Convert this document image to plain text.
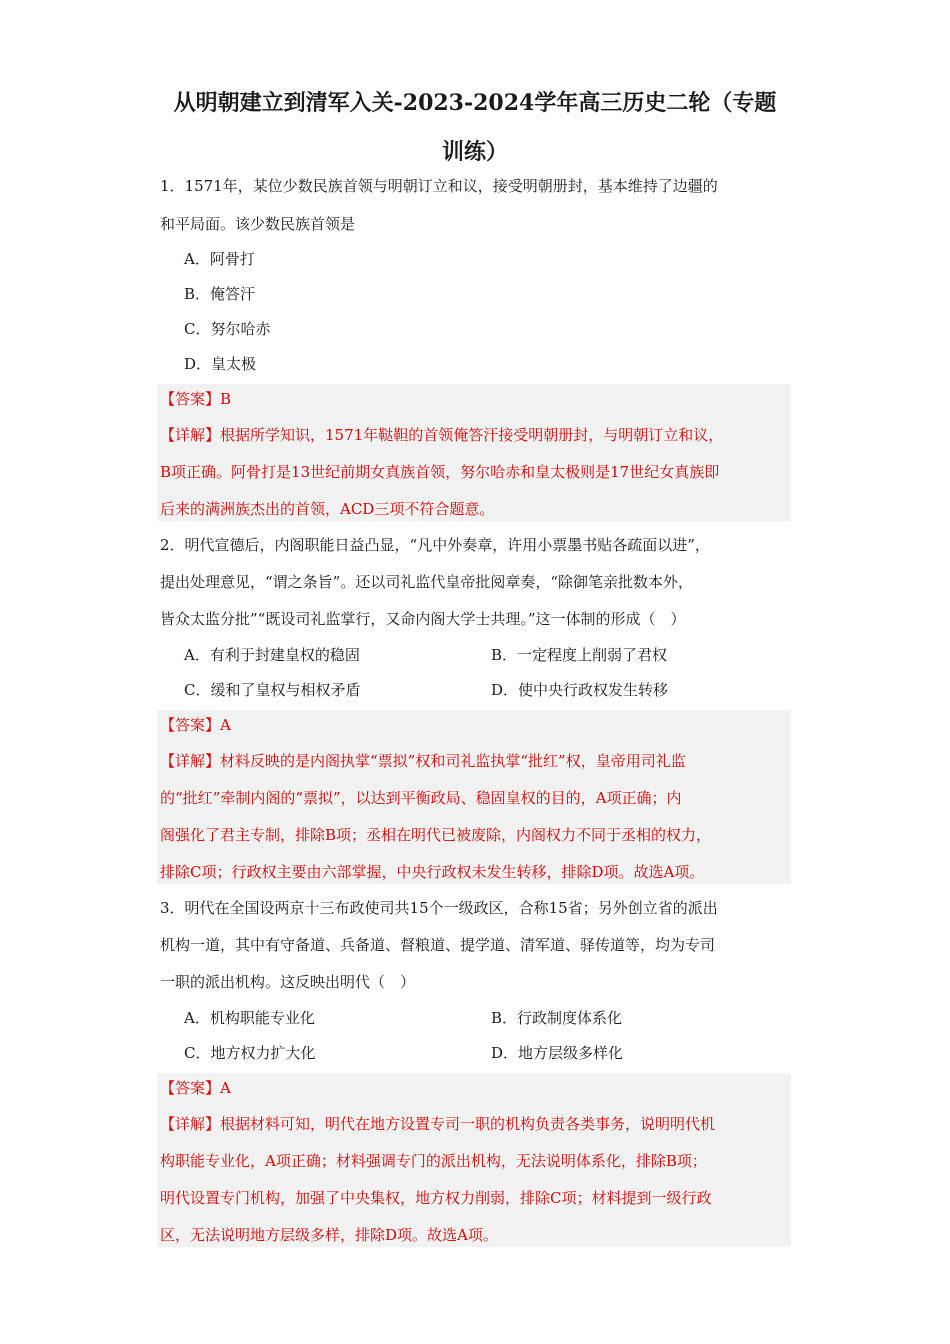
从明朝建立到清军入关-2023-2024学年高三历史二轮（专题
训练）
1．1571年，某位少数民族首领与明朝订立和议，接受明朝册封，基本维持了边疆的
和平局面。该少数民族首领是
A．阿骨打
B．俺答汗
C．努尔哈赤
D．皇太极
【答案】B
【详解】根据所学知识，1571年鞑靼的首领俺答汗接受明朝册封，与明朝订立和议，
B项正确。阿骨打是13世纪前期女真族首领，努尔哈赤和皇太极则是17世纪女真族即
后来的满洲族杰出的首领，ACD三项不符合题意。
2．明代宣德后，内阁职能日益凸显，“凡中外奏章，许用小票墨书贴各疏面以进”，
提出处理意见，“谓之条旨”。还以司礼监代皇帝批阅章奏，“除御笔亲批数本外，
皆众太监分批”“既设司礼监掌行，又命内阁大学士共理。”这一体制的形成（　）
A．有利于封建皇权的稳固	B．一定程度上削弱了君权
C．缓和了皇权与相权矛盾	D．使中央行政权发生转移
【答案】A
【详解】材料反映的是内阁执掌“票拟”权和司礼监执掌“批红”权，皇帝用司礼监
的“批红”牵制内阁的“票拟”，以达到平衡政局、稳固皇权的目的，A项正确；内
阁强化了君主专制，排除B项；丞相在明代已被废除，内阁权力不同于丞相的权力，
排除C项；行政权主要由六部掌握，中央行政权未发生转移，排除D项。故选A项。
3．明代在全国设两京十三布政使司共15个一级政区，合称15省；另外创立省的派出
机构一道，其中有守备道、兵备道、督粮道、提学道、清军道、驿传道等，均为专司
一职的派出机构。这反映出明代（　）
A．机构职能专业化	B．行政制度体系化
C．地方权力扩大化	D．地方层级多样化
【答案】A
【详解】根据材料可知，明代在地方设置专司一职的机构负责各类事务，说明明代机
构职能专业化，A项正确；材料强调专门的派出机构，无法说明体系化，排除B项；
明代设置专门机构，加强了中央集权，地方权力削弱，排除C项；材料提到一级行政
区，无法说明地方层级多样，排除D项。故选A项。
